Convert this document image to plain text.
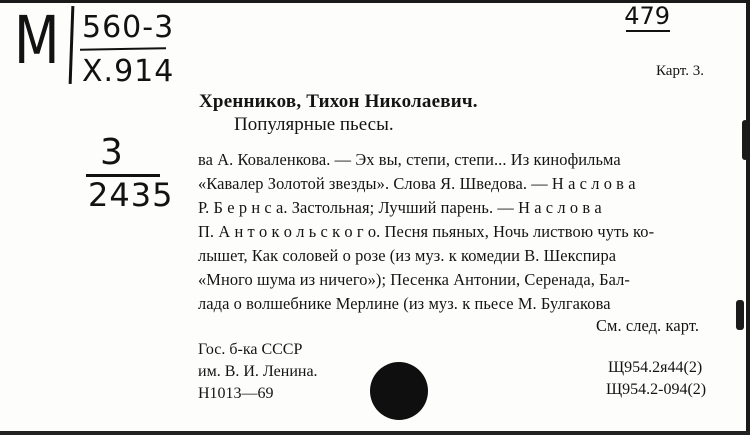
M 560-3
X.914
479
3
2435
Карт. 3.
Хренников, Тихон Николаевич.
Популярные пьесы.
ва А. Коваленкова. — Эх вы, степи, степи... Из кинофильма
«Кавалер Золотой звезды». Слова Я. Шведова. — Н а с л о в а
Р. Б е р н с а. Застольная; Лучший парень. — Н а с л о в а
П. А н т о к о л ь с к о г о. Песня пьяных, Ночь листвою чуть ко-
лышет, Как соловей о розе (из муз. к комедии В. Шекспира
«Много шума из ничего»); Песенка Антонии, Серенада, Бал-
лада о волшебнике Мерлине (из муз. к пьесе М. Булгакова
См. след. карт.
Гос. б-ка СССР
им. В. И. Ленина.
Н1013—69
Щ954.2я44(2)
Щ954.2-094(2)
